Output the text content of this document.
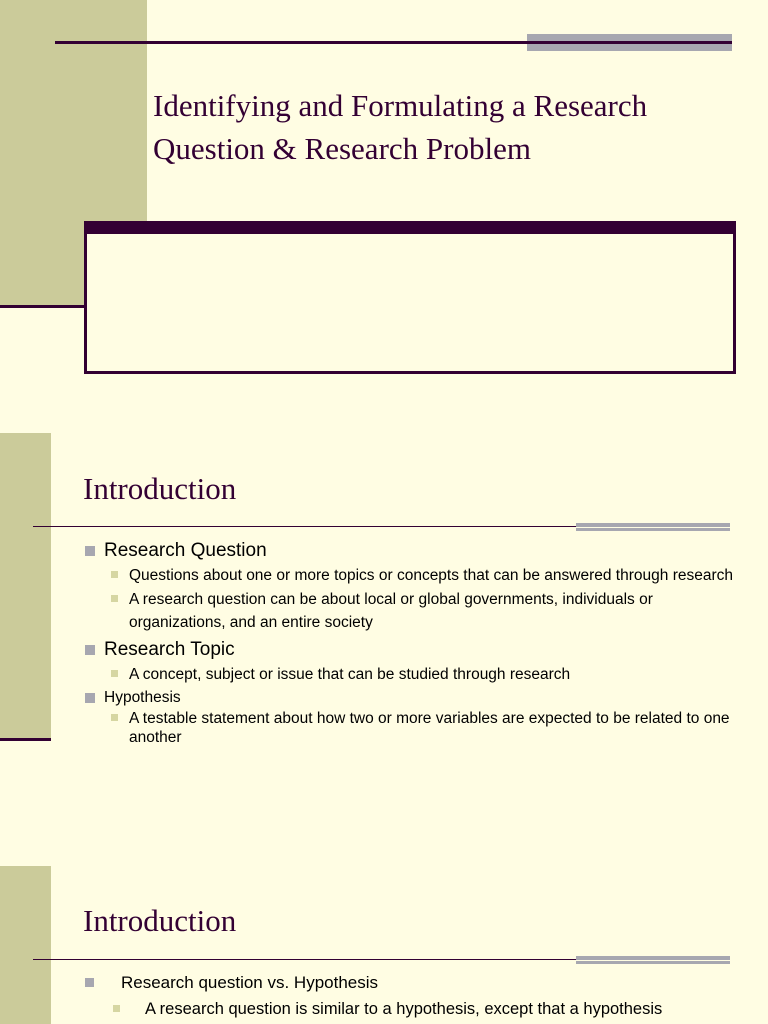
Identifying and Formulating a Research
Question & Research Problem
Introduction
Research Question
Questions about one or more topics or concepts that can be answered through research
A research question can be about local or global governments, individuals or organizations, and an entire society
Research Topic
A concept, subject or issue that can be studied through research
Hypothesis
A testable statement about how two or more variables are expected to be related to one another
Introduction
Research question vs. Hypothesis
A research question is similar to a hypothesis, except that a hypothesis
